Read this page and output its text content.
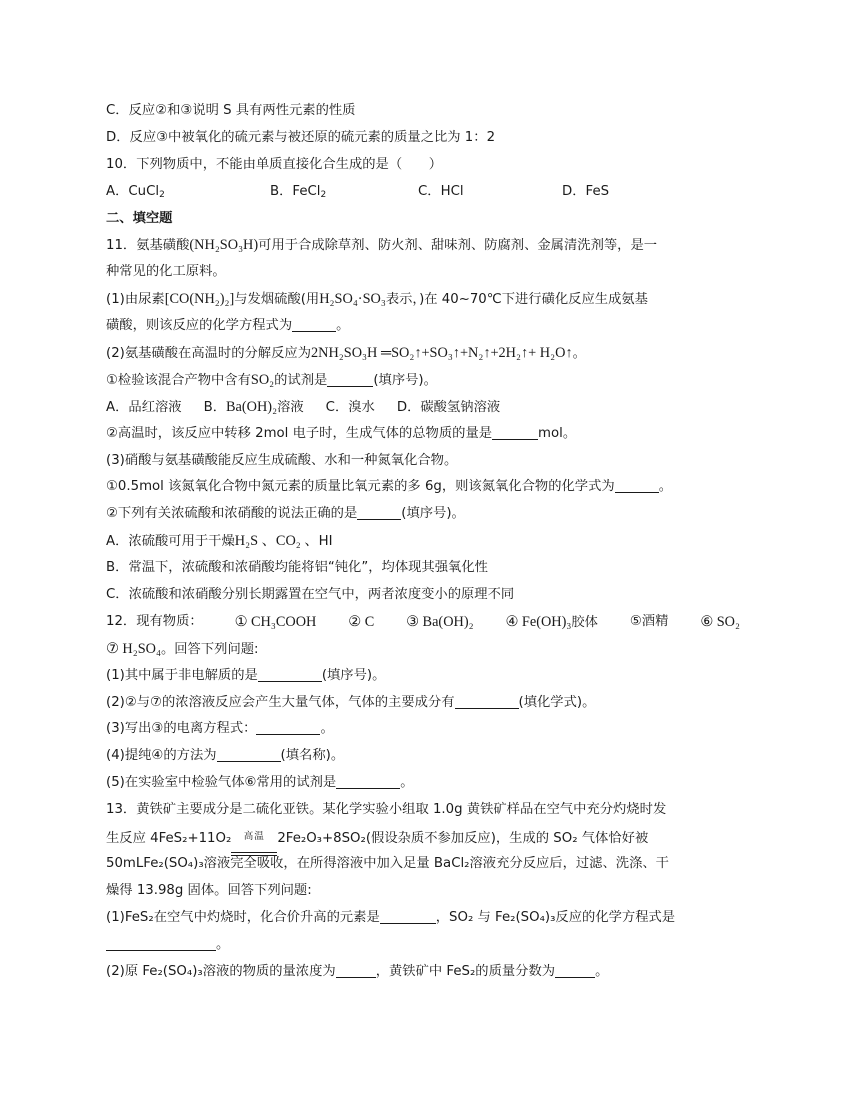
C．反应②和③说明 S 具有两性元素的性质
D．反应③中被氧化的硫元素与被还原的硫元素的质量之比为 1：2
10．下列物质中，不能由单质直接化合生成的是（　　）
A．CuCl$_2$	B．FeCl$_2$	C．HCl	D．FeS
二、填空题
11．氨基磺酸(NH₂SO₃H)可用于合成除草剂、防火剂、甜味剂、防腐剂、金属清洗剂等，是一
种常见的化工原料。
(1)由尿素[CO(NH₂)₂]与发烟硫酸(用H₂SO₄·SO₃表示，)在 40~70℃下进行磺化反应生成氨基
磺酸，则该反应的化学方程式为	。
(2)氨基磺酸在高温时的分解反应为2NH₂SO₃H ═SO₂↑+SO₃↑+N₂↑+2H₂↑+ H₂O↑。
①检验该混合产物中含有SO₂的试剂是	(填序号)。
A．品红溶液 B．Ba(OH)₂溶液 C．溴水 D．碳酸氢钠溶液
②高温时，该反应中转移 2mol 电子时，生成气体的总物质的量是	mol。
(3)硝酸与氨基磺酸能反应生成硫酸、水和一种氮氧化合物。
①0.5mol 该氮氧化合物中氮元素的质量比氧元素的多 6g，则该氮氧化合物的化学式为	。
②下列有关浓硫酸和浓硝酸的说法正确的是	(填序号)。
A．浓硫酸可用于干燥H₂S 、CO₂ 、HI
B．常温下，浓硫酸和浓硝酸均能将铝“钝化”，均体现其强氧化性
C．浓硫酸和浓硝酸分别长期露置在空气中，两者浓度变小的原理不同
12．现有物质： ① CH₃COOH ② C ③ Ba(OH)₂ ④ Fe(OH)₃胶体 ⑤酒精 ⑥ SO₂
⑦ H₂SO₄。回答下列问题:
(1)其中属于非电解质的是	(填序号)。
(2)②与⑦的浓溶液反应会产生大量气体，气体的主要成分有	(填化学式)。
(3)写出③的电离方程式：	。
(4)提纯④的方法为	(填名称)。
(5)在实验室中检验气体⑥常用的试剂是	。
13．黄铁矿主要成分是二硫化亚铁。某化学实验小组取 1.0g 黄铁矿样品在空气中充分灼烧时发
生反应 4FeS₂+11O₂ 高温 2Fe₂O₃+8SO₂(假设杂质不参加反应)，生成的 SO₂ 气体恰好被
50mLFe₂(SO₄)₃溶液完全吸收，在所得溶液中加入足量 BaCl₂溶液充分反应后，过滤、洗涤、干
燥得 13.98g 固体。回答下列问题:
(1)FeS₂在空气中灼烧时，化合价升高的元素是	，SO₂ 与 Fe₂(SO₄)₃反应的化学方程式是
。
(2)原 Fe₂(SO₄)₃溶液的物质的量浓度为	，黄铁矿中 FeS₂的质量分数为	。
